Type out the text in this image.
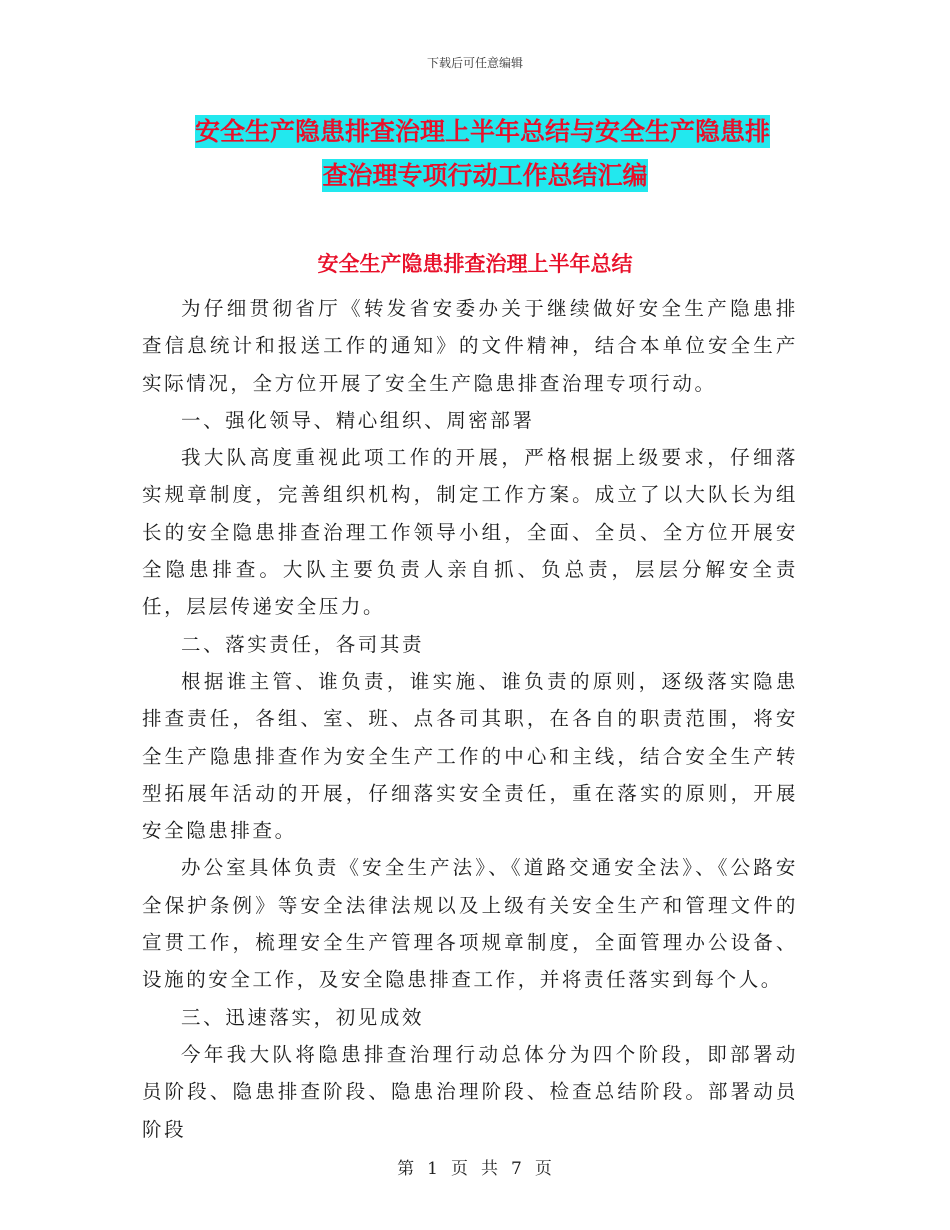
下载后可任意编辑
安全生产隐患排查治理上半年总结与安全生产隐患排
查治理专项行动工作总结汇编
安全生产隐患排查治理上半年总结

为仔细贯彻省厅《转发省安委办关于继续做好安全生产隐患排查信息统计和报送工作的通知》的文件精神，结合本单位安全生产实际情况，全方位开展了安全生产隐患排查治理专项行动。

一、强化领导、精心组织、周密部署

我大队高度重视此项工作的开展，严格根据上级要求，仔细落实规章制度，完善组织机构，制定工作方案。成立了以大队长为组长的安全隐患排查治理工作领导小组，全面、全员、全方位开展安全隐患排查。大队主要负责人亲自抓、负总责，层层分解安全责任，层层传递安全压力。

二、落实责任，各司其责

根据谁主管、谁负责，谁实施、谁负责的原则，逐级落实隐患排查责任，各组、室、班、点各司其职，在各自的职责范围，将安全生产隐患排查作为安全生产工作的中心和主线，结合安全生产转型拓展年活动的开展，仔细落实安全责任，重在落实的原则，开展安全隐患排查。

办公室具体负责《安全生产法》、《道路交通安全法》、《公路安全保护条例》等安全法律法规以及上级有关安全生产和管理文件的宣贯工作，梳理安全生产管理各项规章制度，全面管理办公设备、设施的安全工作，及安全隐患排查工作，并将责任落实到每个人。

三、迅速落实，初见成效

今年我大队将隐患排查治理行动总体分为四个阶段，即部署动员阶段、隐患排查阶段、隐患治理阶段、检查总结阶段。部署动员阶段

第 1 页 共 7 页
